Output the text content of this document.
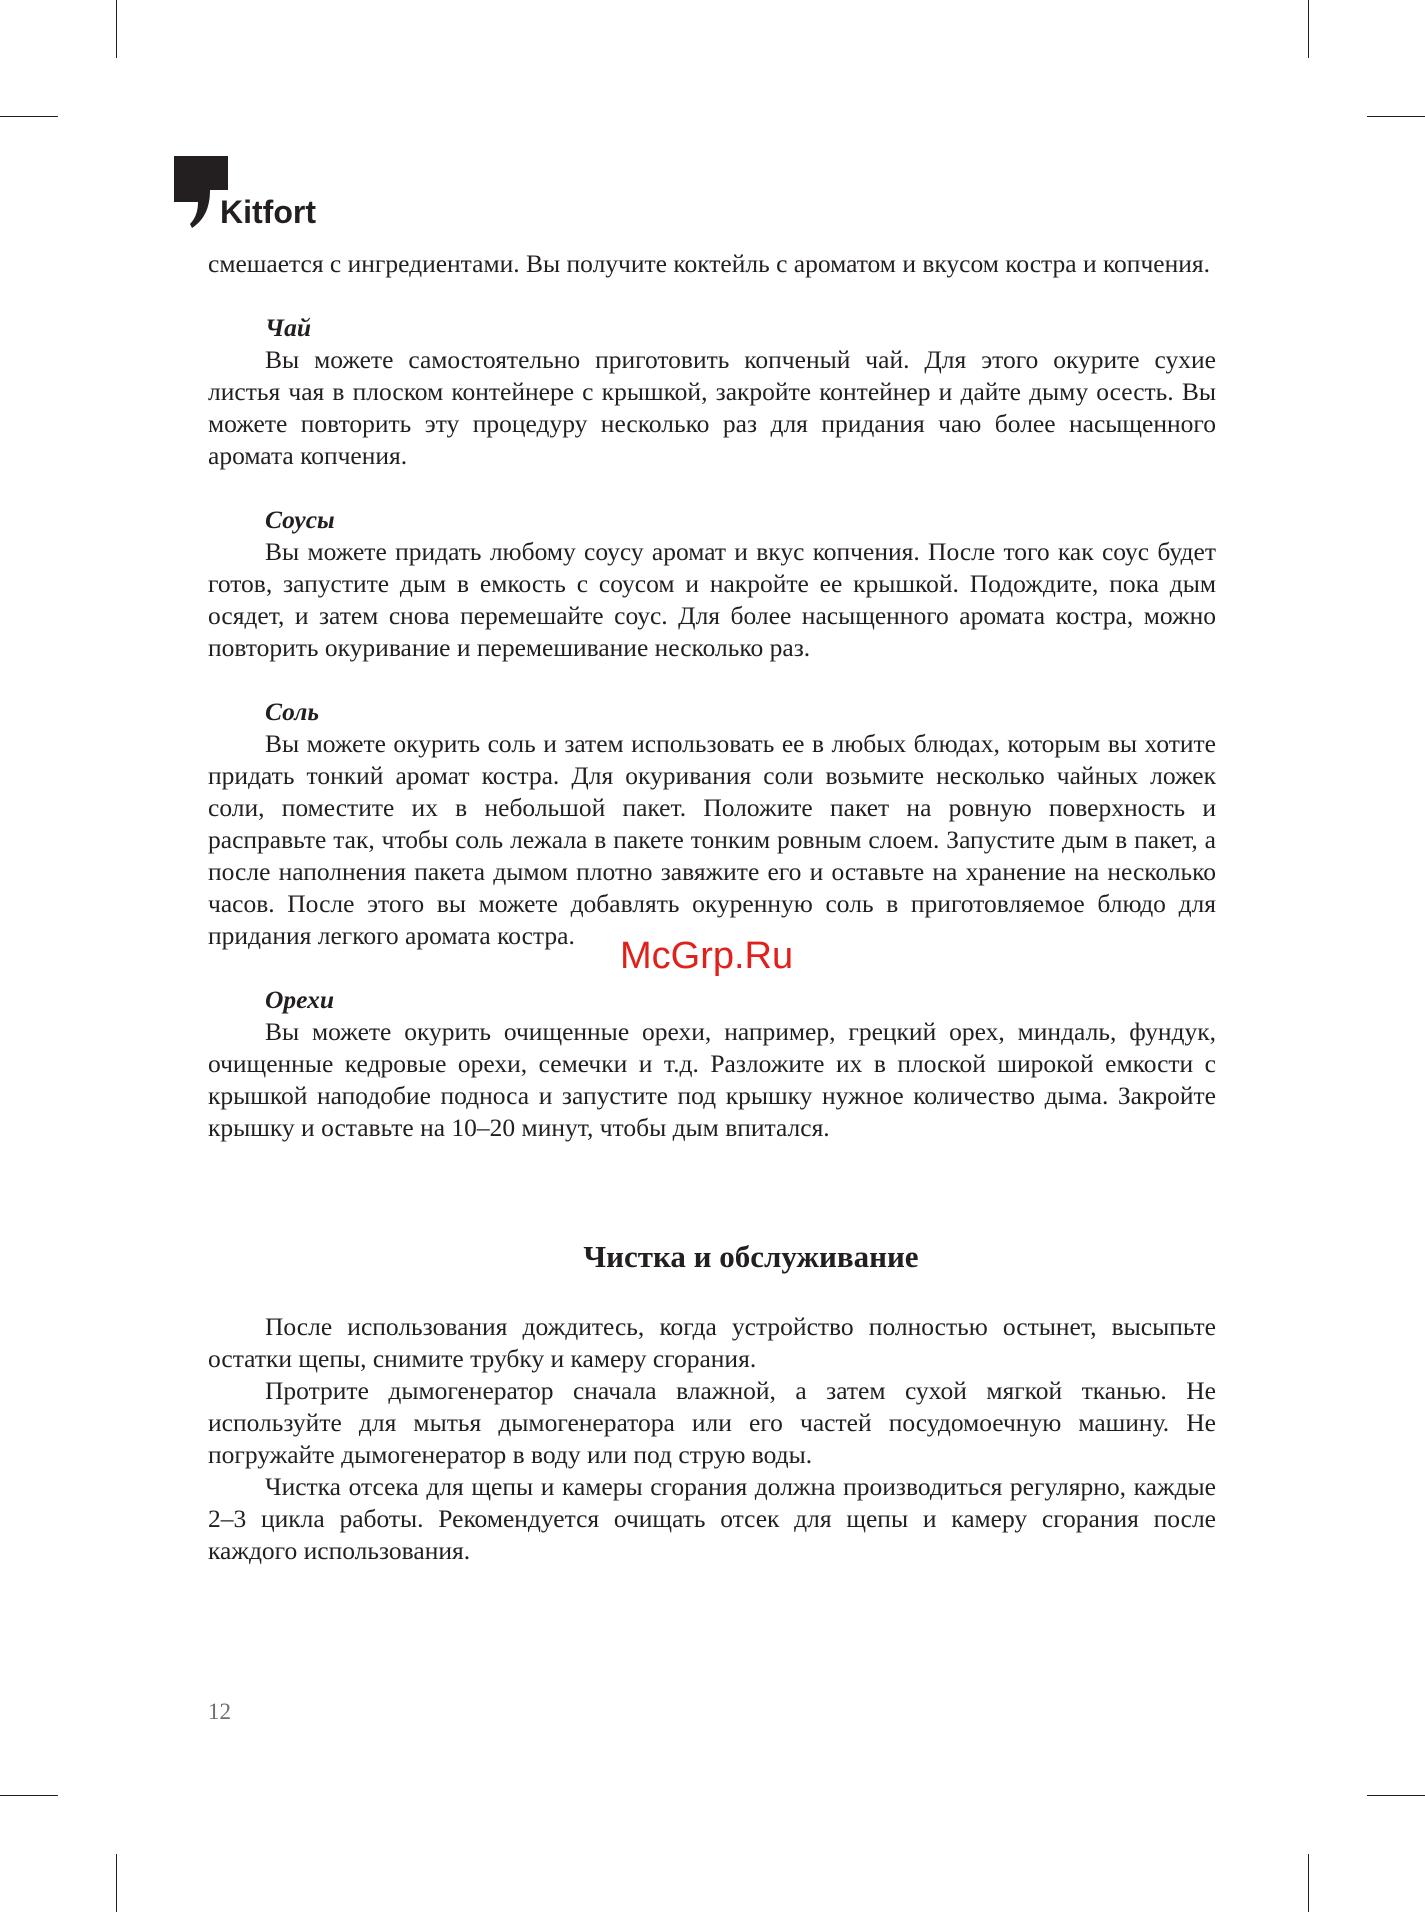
Kitfort

смешается с ингредиентами. Вы получите коктейль с ароматом и вкусом костра и копчения.

Чай

Вы можете самостоятельно приготовить копченый чай. Для этого окурите сухие листья чая в плоском контейнере с крышкой, закройте контейнер и дайте дыму осесть. Вы можете повторить эту процедуру несколько раз для придания чаю более насыщенного аромата копчения.

Соусы

Вы можете придать любому соусу аромат и вкус копчения. После того как соус будет готов, запустите дым в емкость с соусом и накройте ее крышкой. Подождите, пока дым осядет, и затем снова перемешайте соус. Для более насыщенного аромата костра, можно повторить окуривание и перемешивание несколько раз.

Соль

Вы можете окурить соль и затем использовать ее в любых блюдах, которым вы хотите придать тонкий аромат костра. Для окуривания соли возьмите несколько чайных ложек соли, поместите их в небольшой пакет. Положите пакет на ровную поверхность и расправьте так, чтобы соль лежала в пакете тонким ровным слоем. Запустите дым в пакет, а после наполнения пакета дымом плотно завяжите его и оставьте на хранение на несколько часов. После этого вы можете добавлять окуренную соль в приготовляемое блюдо для придания легкого аромата костра.

Орехи

Вы можете окурить очищенные орехи, например, грецкий орех, миндаль, фундук, очищенные кедровые орехи, семечки и т.д. Разложите их в плоской широкой емкости с крышкой наподобие подноса и запустите под крышку нужное количество дыма. Закройте крышку и оставьте на 10–20 минут, чтобы дым впитался.

Чистка и обслуживание

После использования дождитесь, когда устройство полностью остынет, высыпьте остатки щепы, снимите трубку и камеру сгорания.

Протрите дымогенератор сначала влажной, а затем сухой мягкой тканью. Не используйте для мытья дымогенератора или его частей посудомоечную машину. Не погружайте дымогенератор в воду или под струю воды.

Чистка отсека для щепы и камеры сгорания должна производиться регулярно, каждые 2–3 цикла работы. Рекомендуется очищать отсек для щепы и камеру сгорания после каждого использования.

McGrp.Ru
12
